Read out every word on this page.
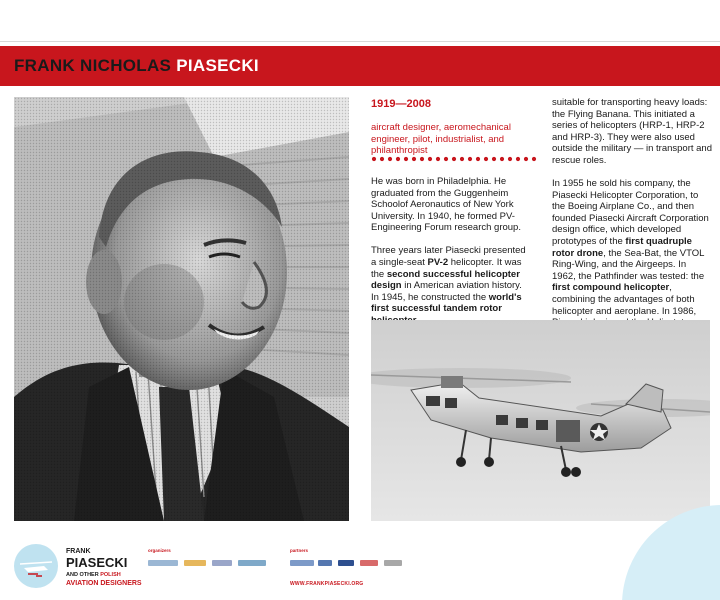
FRANK NICHOLAS PIASECKI
1919—2008
aircraft designer, aeromechanical engineer, pilot, industrialist, and philanthropist

He was born in Philadelphia. He graduated from the Guggenheim Schoolof Aeronautics of New York University. In 1940, he formed PV-Engineering Forum research group.

Three years later Piasecki presented a single-seat PV-2 helicopter. It was the second successful helicopter design in American aviation history. In 1945, he constructed the world's first successful tandem rotor

suitable for transporting heavy loads: the Flying Banana. This initiated a series of helicopters (HRP-1, HRP-2 and HRP-3). They were also used outside the military — in transport and rescue roles.

In 1955 he sold his company, the Piasecki Helicopter Corporation, to the Boeing Airplane Co., and then founded Piasecki Aircraft Corporation design office, which developed prototypes of the first quadruple rotor drone, the Sea-Bat, the VTOL Ring-Wing, and the Airgeeps. In 1962, the Pathfinder was tested: the first compound helicopter, combining the advantages of both helicopter and aeroplane. In 1986,

FRANK
PIASECKI
AND OTHER POLISH
AVIATION DESIGNERS
organizers	partners
WWW.FRANKPIASECKI.ORG
